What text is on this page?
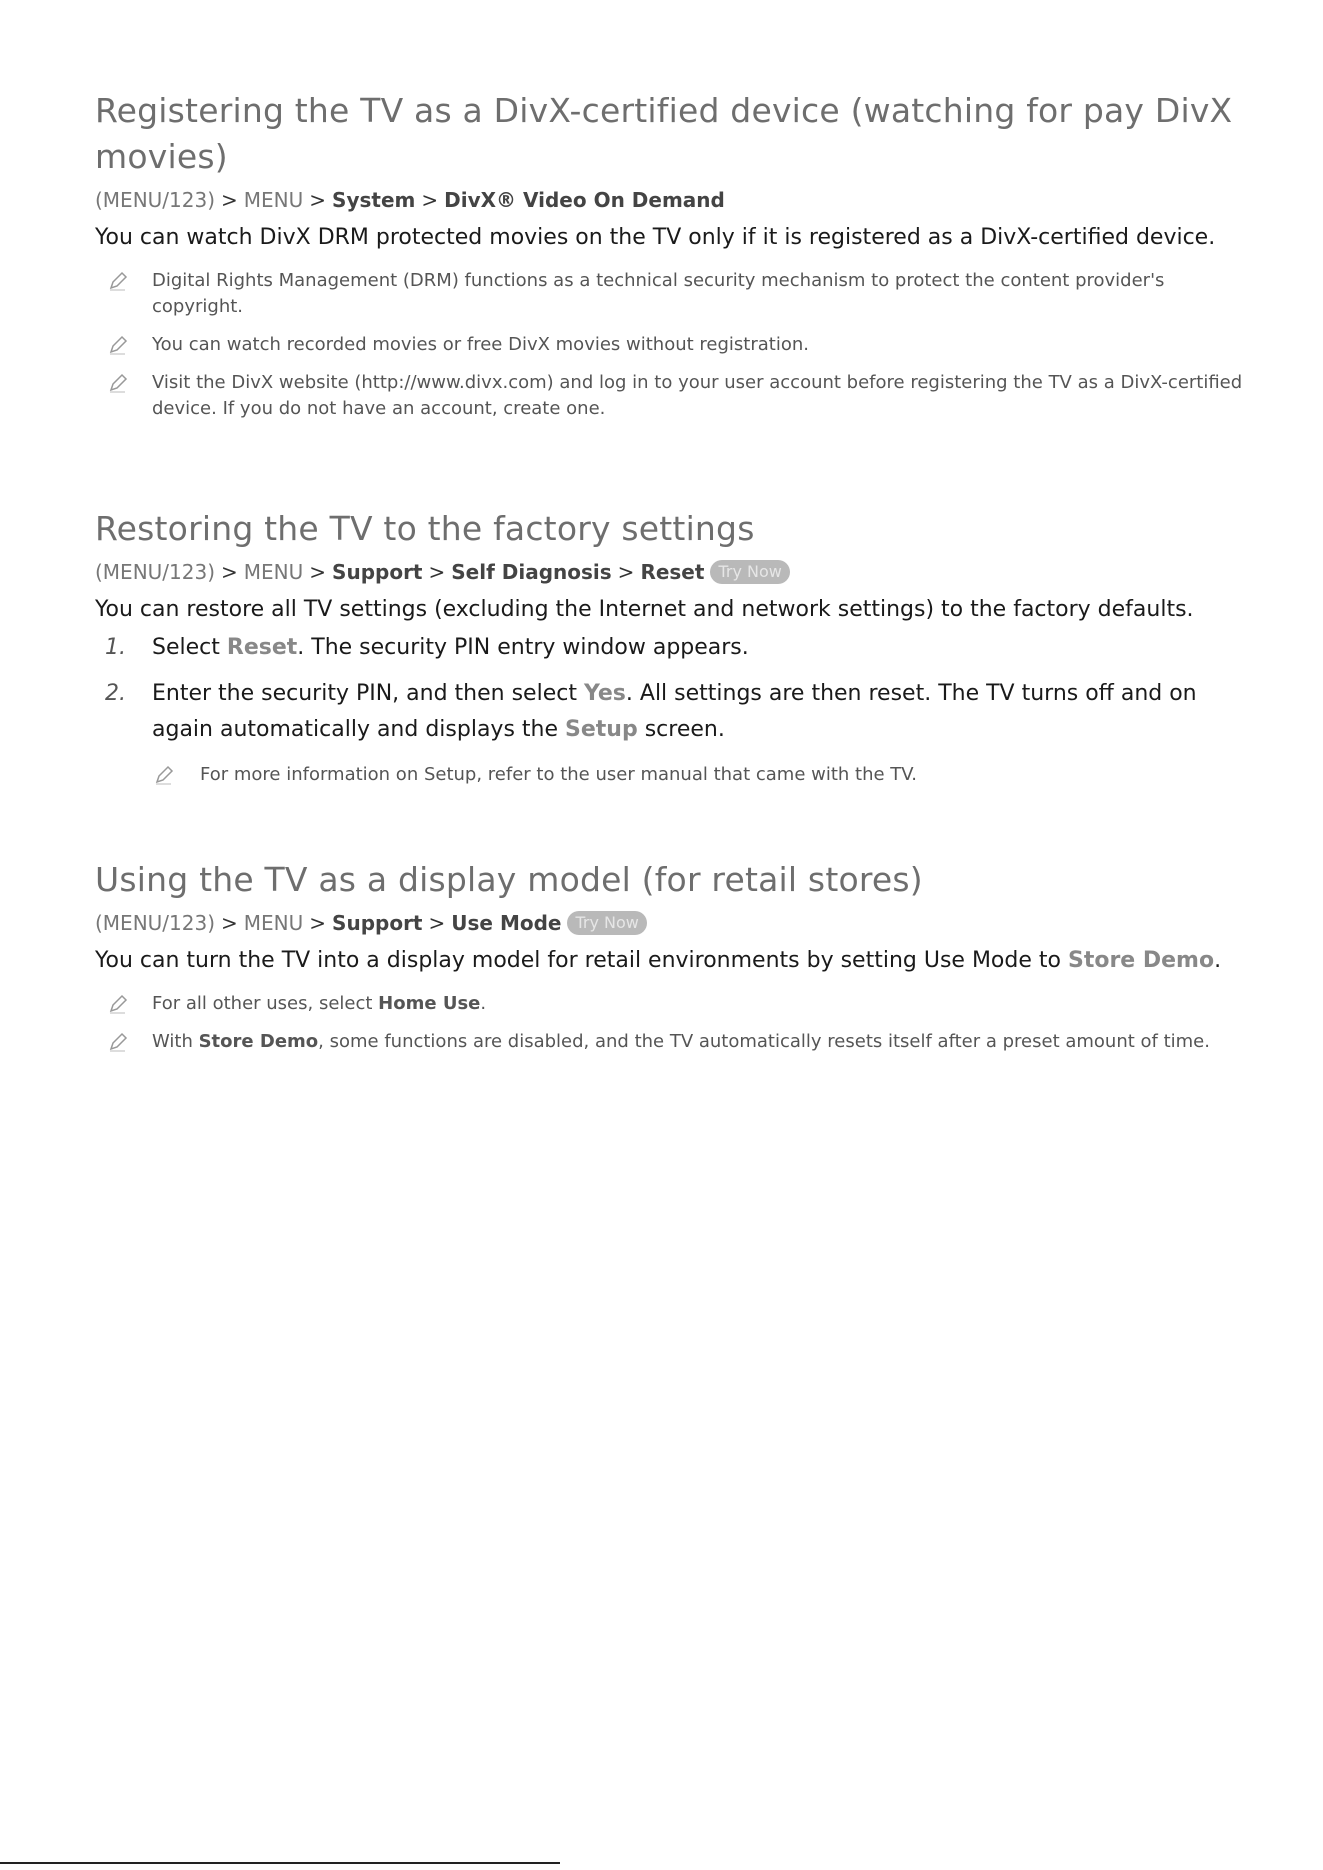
Registering the TV as a DivX-certified device (watching for pay DivX movies)
(MENU/123) > MENU > System > DivX® Video On Demand
You can watch DivX DRM protected movies on the TV only if it is registered as a DivX-certified device.
Digital Rights Management (DRM) functions as a technical security mechanism to protect the content provider's copyright.
You can watch recorded movies or free DivX movies without registration.
Visit the DivX website (http://www.divx.com) and log in to your user account before registering the TV as a DivX-certified device. If you do not have an account, create one.
Restoring the TV to the factory settings
(MENU/123) > MENU > Support > Self Diagnosis > Reset Try Now
You can restore all TV settings (excluding the Internet and network settings) to the factory defaults.
1. Select Reset. The security PIN entry window appears.
2. Enter the security PIN, and then select Yes. All settings are then reset. The TV turns off and on again automatically and displays the Setup screen.
For more information on Setup, refer to the user manual that came with the TV.
Using the TV as a display model (for retail stores)
(MENU/123) > MENU > Support > Use Mode Try Now
You can turn the TV into a display model for retail environments by setting Use Mode to Store Demo.
For all other uses, select Home Use.
With Store Demo, some functions are disabled, and the TV automatically resets itself after a preset amount of time.
